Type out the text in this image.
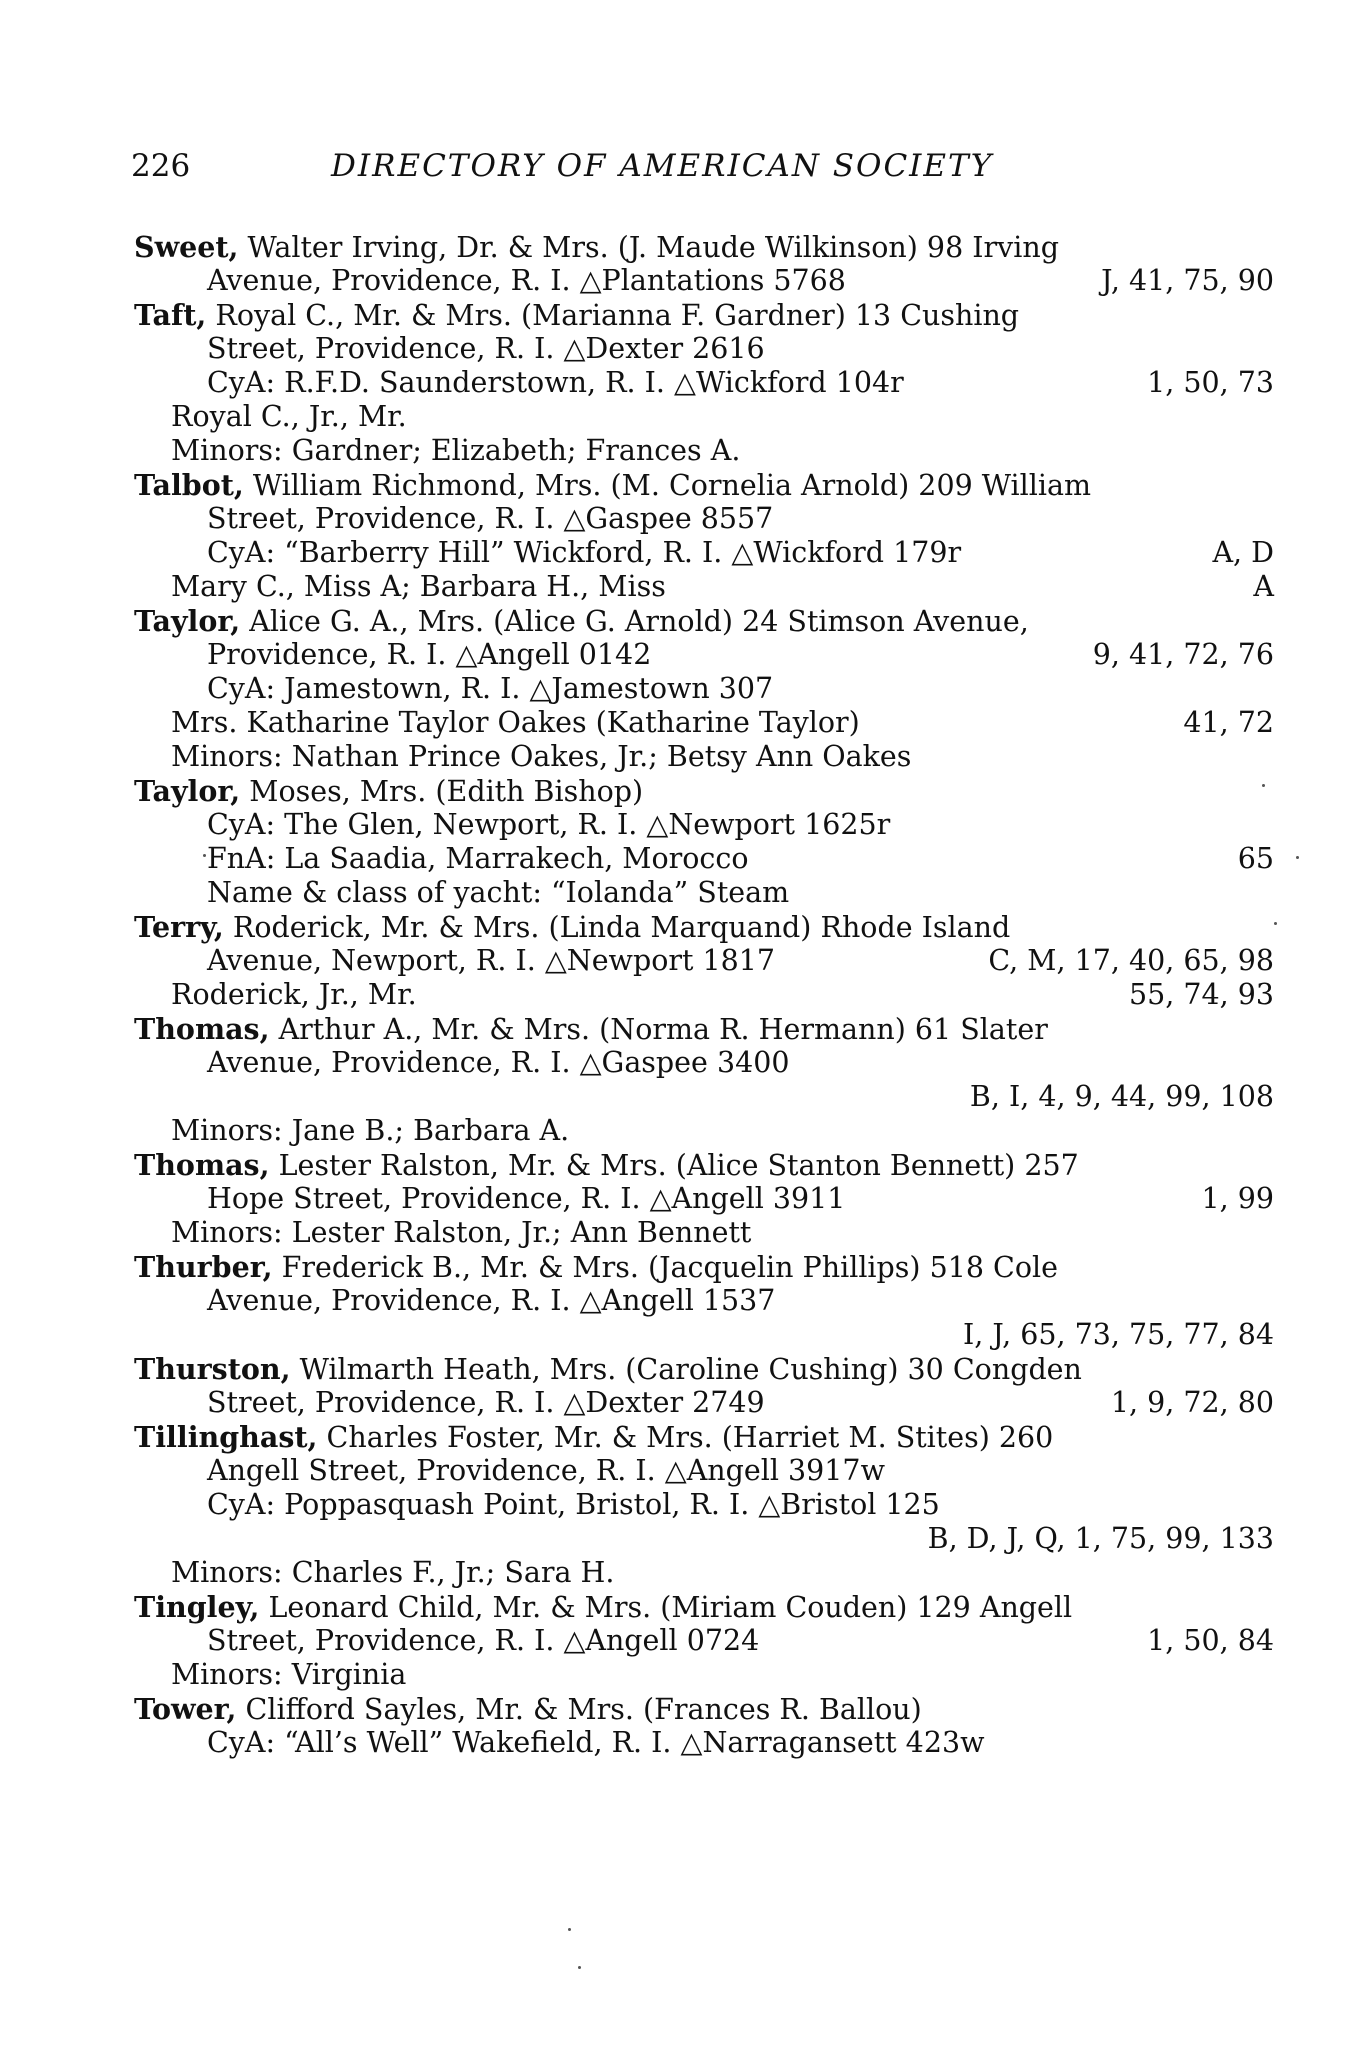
226	DIRECTORY OF AMERICAN SOCIETY
Sweet, Walter Irving, Dr. & Mrs. (J. Maude Wilkinson) 98 Irving
Avenue, Providence, R. I. △Plantations 5768	J, 41, 75, 90
Taft, Royal C., Mr. & Mrs. (Marianna F. Gardner) 13 Cushing
Street, Providence, R. I. △Dexter 2616
CyA: R.F.D. Saunderstown, R. I. △Wickford 104r	1, 50, 73
Royal C., Jr., Mr.
Minors: Gardner; Elizabeth; Frances A.
Talbot, William Richmond, Mrs. (M. Cornelia Arnold) 209 William
Street, Providence, R. I. △Gaspee 8557
CyA: “Barberry Hill” Wickford, R. I. △Wickford 179r	A, D
Mary C., Miss A; Barbara H., Miss	A
Taylor, Alice G. A., Mrs. (Alice G. Arnold) 24 Stimson Avenue,
Providence, R. I. △Angell 0142	9, 41, 72, 76
CyA: Jamestown, R. I. △Jamestown 307
Mrs. Katharine Taylor Oakes (Katharine Taylor)	41, 72
Minors: Nathan Prince Oakes, Jr.; Betsy Ann Oakes
Taylor, Moses, Mrs. (Edith Bishop)
CyA: The Glen, Newport, R. I. △Newport 1625r
FnA: La Saadia, Marrakech, Morocco	65
Name & class of yacht: “Iolanda” Steam
Terry, Roderick, Mr. & Mrs. (Linda Marquand) Rhode Island
Avenue, Newport, R. I. △Newport 1817	C, M, 17, 40, 65, 98
Roderick, Jr., Mr.	55, 74, 93
Thomas, Arthur A., Mr. & Mrs. (Norma R. Hermann) 61 Slater
Avenue, Providence, R. I. △Gaspee 3400
B, I, 4, 9, 44, 99, 108
Minors: Jane B.; Barbara A.
Thomas, Lester Ralston, Mr. & Mrs. (Alice Stanton Bennett) 257
Hope Street, Providence, R. I. △Angell 3911	1, 99
Minors: Lester Ralston, Jr.; Ann Bennett
Thurber, Frederick B., Mr. & Mrs. (Jacquelin Phillips) 518 Cole
Avenue, Providence, R. I. △Angell 1537
I, J, 65, 73, 75, 77, 84
Thurston, Wilmarth Heath, Mrs. (Caroline Cushing) 30 Congden
Street, Providence, R. I. △Dexter 2749	1, 9, 72, 80
Tillinghast, Charles Foster, Mr. & Mrs. (Harriet M. Stites) 260
Angell Street, Providence, R. I. △Angell 3917w
CyA: Poppasquash Point, Bristol, R. I. △Bristol 125
B, D, J, Q, 1, 75, 99, 133
Minors: Charles F., Jr.; Sara H.
Tingley, Leonard Child, Mr. & Mrs. (Miriam Couden) 129 Angell
Street, Providence, R. I. △Angell 0724	1, 50, 84
Minors: Virginia
Tower, Clifford Sayles, Mr. & Mrs. (Frances R. Ballou)
CyA: “All’s Well” Wakefield, R. I. △Narragansett 423w
